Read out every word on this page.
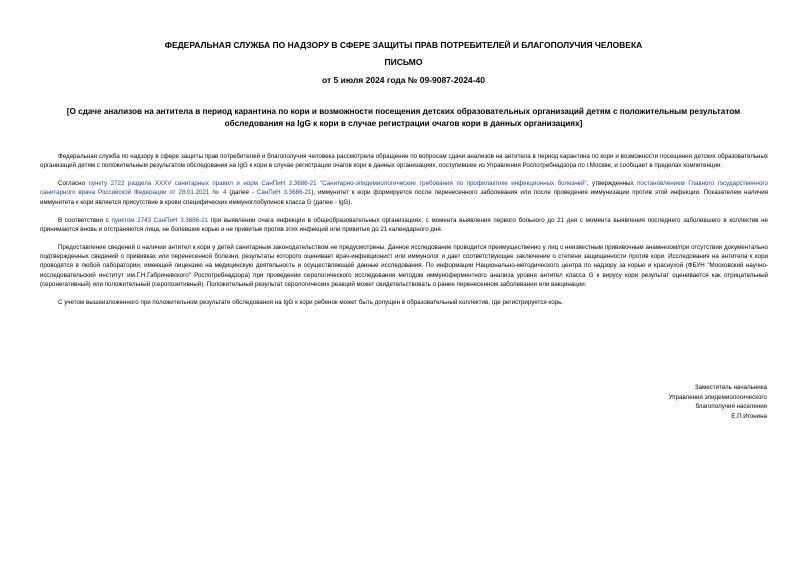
ФЕДЕРАЛЬНАЯ СЛУЖБА ПО НАДЗОРУ В СФЕРЕ ЗАЩИТЫ ПРАВ ПОТРЕБИТЕЛЕЙ И БЛАГОПОЛУЧИЯ ЧЕЛОВЕКА
ПИСЬМО
от 5 июля 2024 года № 09-9087-2024-40
[О сдаче анализов на антитела в период карантина по кори и возможности посещения детских образовательных организаций детям с положительным результатом обследования на IgG к кори в случае регистрации очагов кори в данных организациях]

Федеральная служба по надзору в сфере защиты прав потребителей и благополучия человека рассмотрела обращение по вопросам сдачи анализов на антитела в период карантина по кори и возможности посещения детских образовательных организаций детям с положительным результатом обследования на IgG к кори в случае регистрации очагов кори в данных организациях, поступившее из Управления Роспотребнадзора по г.Москве, и сообщает в пределах компетенции.

Согласно пункту 2722 раздела XXXV санитарных правил и норм СанПиН 3.3686-21 "Санитарно-эпидемиологические требования по профилактике инфекционных болезней", утвержденных постановлением Главного государственного санитарного врача Российской Федерации от 28.01.2021 № 4 (далее - СанПиН 3.3686-21), иммунитет к кори формируется после перенесенного заболевания или после проведения иммунизации против этой инфекции. Показателем наличия иммунитета к кори является присутствие в крови специфических иммуноглобулинов класса G (далее - IgG).

В соответствии с пунктом 2743 СанПиН 3.3686-21 при выявлении очага инфекции в общеобразовательных организациях, с момента выявления первого больного до 21 дня с момента выявления последнего заболевшего в коллектив не принимаются вновь и отстраняются лица, не болевшие корью и не привитые против этих инфекций или привитые до 21 календарного дня.

Предоставление сведений о наличии антител к кори у детей санитарным законодательством не предусмотрены. Данное исследование проводится преимущественно у лиц с неизвестным прививочным анамнезом/при отсутствии документально подтвержденных сведений о прививках или перенесенной болезни, результаты которого оценивает врач-инфекционист или иммунолог и дает соответствующее заключение о степени защищенности против кори. Исследования на антитела к кори проводятся в любой лаборатории, имеющей лицензию на медицинскую деятельность и осуществляющей данные исследования. По информации Национально-методического центра по надзору за корью и краснухой (ФБУН "Московский научно-исследовательский институт им.Г.Н.Габричевского" Роспотребнадзора) при проведении серологического исследования методом иммуноферментного анализа уровня антител класса G к вирусу кори результат оценивается как отрицательный (серонегативный) или положительный (серопозитивный). Положительный результат серологических реакций может свидетельствовать о ранее перенесенном заболевании или вакцинации.

С учетом вышеизложенного при положительном результате обследования на IgG к кори ребенок может быть допущен в образовательный коллектив, где регистрируется корь.

Заместитель начальника
Управления эпидемиологического
благополучия населения
Е.П.Игонина
